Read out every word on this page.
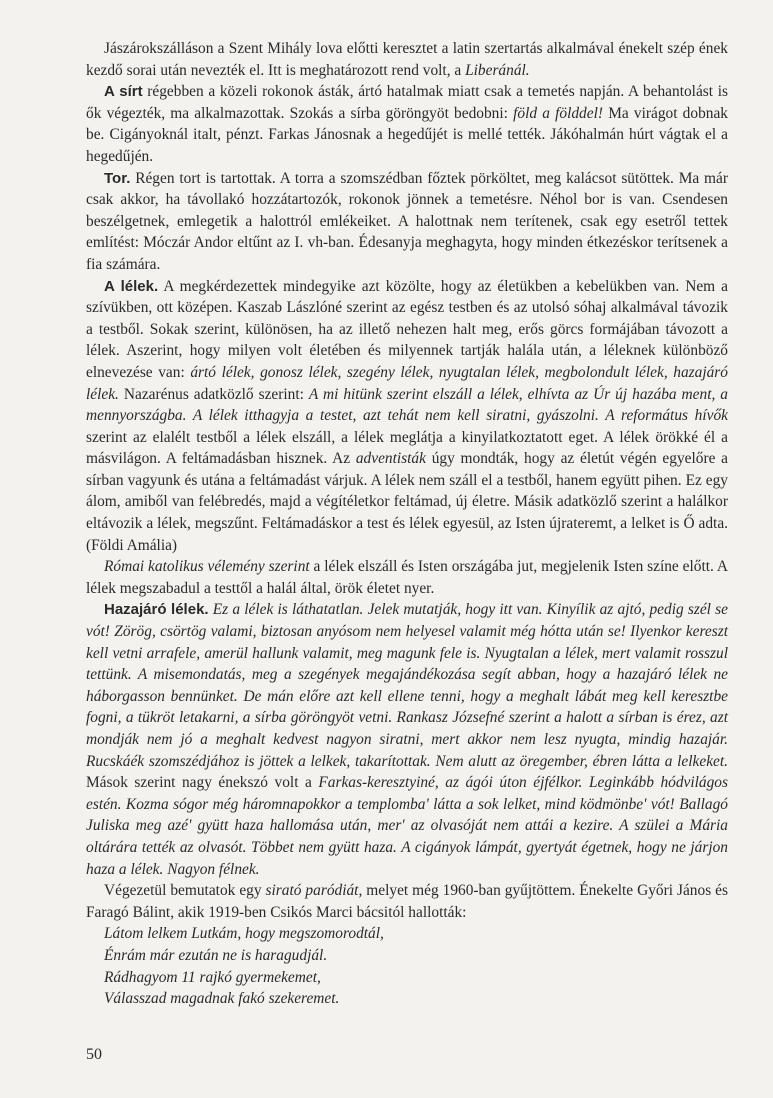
Jászárokszálláson a Szent Mihály lova előtti keresztet a latin szertartás alkalmával énekelt szép ének kezdő sorai után nevezték el. Itt is meghatározott rend volt, a Liberánál.

A sírt régebben a közeli rokonok ásták, ártó hatalmak miatt csak a temetés napján. A behantolást is ők végezték, ma alkalmazottak. Szokás a sírba göröngyöt bedobni: föld a földdel! Ma virágot dobnak be. Cigányoknál italt, pénzt. Farkas Jánosnak a hegedűjét is mellé tették. Jákóhalmán húrt vágtak el a hegedűjén.

Tor. Régen tort is tartottak. A torra a szomszédban főztek pörköltet, meg kalácsot sütöttek. Ma már csak akkor, ha távollakó hozzátartozók, rokonok jönnek a temetésre. Néhol bor is van. Csendesen beszélgetnek, emlegetik a halottról emlékeiket. A halottnak nem terítenek, csak egy esetről tettek említést: Móczár Andor eltűnt az I. vh-ban. Édesanyja meghagyta, hogy minden étkezéskor terítsenek a fia számára.

A lélek. A megkérdezettek mindegyike azt közölte, hogy az életükben a kebelükben van. Nem a szívükben, ott középen. Kaszab Lászlóné szerint az egész testben és az utolsó sóhaj alkalmával távozik a testből. Sokak szerint, különösen, ha az illető nehezen halt meg, erős görcs formájában távozott a lélek. Aszerint, hogy milyen volt életében és milyennek tartják halála után, a léleknek különböző elnevezése van: ártó lélek, gonosz lélek, szegény lélek, nyugtalan lélek, megbolondult lélek, hazajáró lélek. Nazarénus adatközlő szerint: A mi hitünk szerint elszáll a lélek, elhívta az Úr új hazába ment, a mennyországba. A lélek itthagyja a testet, azt tehát nem kell siratni, gyászolni. A református hívők szerint az elalélt testből a lélek elszáll, a lélek meglátja a kinyilatkoztatott eget. A lélek örökké él a másvilágon. A feltámadásban hisznek. Az adventisták úgy mondták, hogy az életút végén egyelőre a sírban vagyunk és utána a feltámadást várjuk. A lélek nem száll el a testből, hanem együtt pihen. Ez egy álom, amiből van felébredés, majd a végítéletkor feltámad, új életre. Másik adatközlő szerint a halálkor eltávozik a lélek, megszűnt. Feltámadáskor a test és lélek egyesül, az Isten újrateremt, a lelket is Ő adta. (Földi Amália)

Római katolikus vélemény szerint a lélek elszáll és Isten országába jut, megjelenik Isten színe előtt. A lélek megszabadul a testtől a halál által, örök életet nyer.

Hazajáró lélek. Ez a lélek is láthatatlan. Jelek mutatják, hogy itt van. Kinyílik az ajtó, pedig szél se vót! Zörög, csörtög valami, biztosan anyósom nem helyesel valamit még hótta után se! Ilyenkor kereszt kell vetni arrafele, amerül hallunk valamit, meg magunk fele is. Nyugtalan a lélek, mert valamit rosszul tettünk. A misemondatás, meg a szegények megajándékozása segít abban, hogy a hazajáró lélek ne háborgasson bennünket. De mán előre azt kell ellene tenni, hogy a meghalt lábát meg kell keresztbe fogni, a tükröt letakarni, a sírba göröngyöt vetni. Rankasz Józsefné szerint a halott a sírban is érez, azt mondják nem jó a meghalt kedvest nagyon siratni, mert akkor nem lesz nyugta, mindig hazajár. Rucskáék szomszédjához is jöttek a lelkek, takarítottak. Nem alutt az öregember, ébren látta a lelkeket. Mások szerint nagy énekszó volt a Farkas-keresztyiné, az ágói úton éjfélkor. Leginkább hódvilágos estén. Kozma sógor még háromnapokkor a templomba' látta a sok lelket, mind ködmönbe' vót! Ballagó Juliska meg azé' gyütt haza hallomása után, mer' az olvasóját nem attái a kezire. A szülei a Mária oltárára tették az olvasót. Többet nem gyütt haza. A cigányok lámpát, gyertyát égetnek, hogy ne járjon haza a lélek. Nagyon félnek.

Végezetül bemutatok egy sirató paródiát, melyet még 1960-ban gyűjtöttem. Énekelte Győri János és Faragó Bálint, akik 1919-ben Csikós Marci bácsitól hallották:

Látom lelkem Lutkám, hogy megszomorodtál,

Énrám már ezután ne is haragudjál.

Rádhagyom 11 rajkó gyermekemet,

Válasszad magadnak fakó szekeremet.

50
